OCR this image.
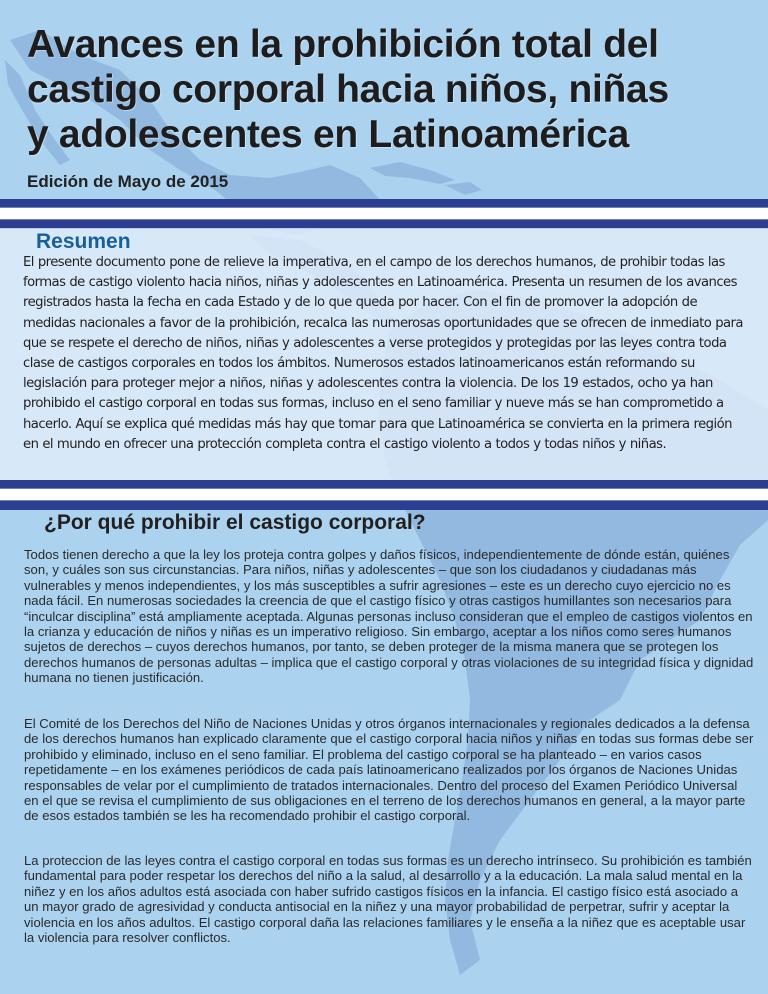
Avances en la prohibición total del
castigo corporal hacia niños, niñas
y adolescentes en Latinoamérica

Edición de Mayo de 2015

Resumen

El presente documento pone de relieve la imperativa, en el campo de los derechos humanos, de prohibir todas las formas de castigo violento hacia niños, niñas y adolescentes en Latinoamérica. Presenta un resumen de los avances registrados hasta la fecha en cada Estado y de lo que queda por hacer. Con el fin de promover la adopción de medidas nacionales a favor de la prohibición, recalca las numerosas oportunidades que se ofrecen de inmediato para que se respete el derecho de niños, niñas y adolescentes a verse protegidos y protegidas por las leyes contra toda clase de castigos corporales en todos los ámbitos. Numerosos estados latinoamericanos están reformando su legislación para proteger mejor a niños, niñas y adolescentes contra la violencia. De los 19 estados, ocho ya han prohibido el castigo corporal en todas sus formas, incluso en el seno familiar y nueve más se han comprometido a hacerlo. Aquí se explica qué medidas más hay que tomar para que Latinoamérica se convierta en la primera región en el mundo en ofrecer una protección completa contra el castigo violento a todos y todas niños y niñas.

¿Por qué prohibir el castigo corporal?

Todos tienen derecho a que la ley los proteja contra golpes y daños físicos, independientemente de dónde están, quiénes son, y cuáles son sus circunstancias. Para niños, niñas y adolescentes – que son los ciudadanos y ciudadanas más vulnerables y menos independientes, y los más susceptibles a sufrir agresiones – este es un derecho cuyo ejercicio no es nada fácil. En numerosas sociedades la creencia de que el castigo físico y otras castigos humillantes son necesarios para “inculcar disciplina” está ampliamente aceptada. Algunas personas incluso consideran que el empleo de castigos violentos en la crianza y educación de niños y niñas es un imperativo religioso. Sin embargo, aceptar a los niños como seres humanos sujetos de derechos – cuyos derechos humanos, por tanto, se deben proteger de la misma manera que se protegen los derechos humanos de personas adultas – implica que el castigo corporal y otras violaciones de su integridad física y dignidad humana no tienen justificación.

El Comité de los Derechos del Niño de Naciones Unidas y otros órganos internacionales y regionales dedicados a la defensa de los derechos humanos han explicado claramente que el castigo corporal hacia niños y niñas en todas sus formas debe ser prohibido y eliminado, incluso en el seno familiar. El problema del castigo corporal se ha planteado – en varios casos repetidamente – en los exámenes periódicos de cada país latinoamericano realizados por los órganos de Naciones Unidas responsables de velar por el cumplimiento de tratados internacionales. Dentro del proceso del Examen Periódico Universal en el que se revisa el cumplimiento de sus obligaciones en el terreno de los derechos humanos en general, a la mayor parte de esos estados también se les ha recomendado prohibir el castigo corporal.

La proteccion de las leyes contra el castigo corporal en todas sus formas es un derecho intrínseco. Su prohibición es también fundamental para poder respetar los derechos del niño a la salud, al desarrollo y a la educación. La mala salud mental en la niñez y en los años adultos está asociada con haber sufrido castigos físicos en la infancia. El castigo físico está asociado a un mayor grado de agresividad y conducta antisocial en la niñez y una mayor probabilidad de perpetrar, sufrir y aceptar la violencia en los años adultos. El castigo corporal daña las relaciones familiares y le enseña a la niñez que es aceptable usar la violencia para resolver conflictos.
